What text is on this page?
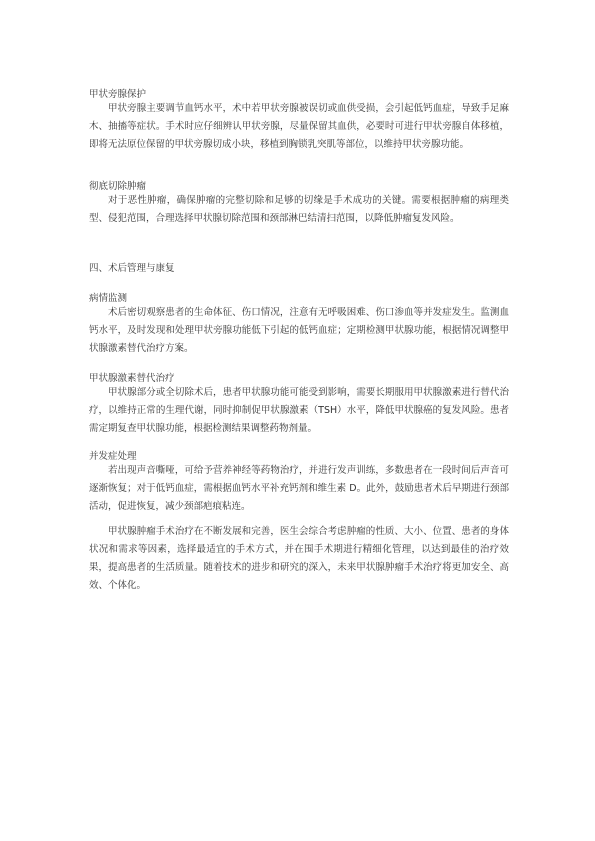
甲状旁腺保护

甲状旁腺主要调节血钙水平，术中若甲状旁腺被误切或血供受损，会引起低钙血症，导致手足麻木、抽搐等症状。手术时应仔细辨认甲状旁腺，尽量保留其血供，必要时可进行甲状旁腺自体移植，即将无法原位保留的甲状旁腺切成小块，移植到胸锁乳突肌等部位，以维持甲状旁腺功能。

彻底切除肿瘤

对于恶性肿瘤，确保肿瘤的完整切除和足够的切缘是手术成功的关键。需要根据肿瘤的病理类型、侵犯范围，合理选择甲状腺切除范围和颈部淋巴结清扫范围，以降低肿瘤复发风险。

四、术后管理与康复
病情监测

术后密切观察患者的生命体征、伤口情况，注意有无呼吸困难、伤口渗血等并发症发生。监测血钙水平，及时发现和处理甲状旁腺功能低下引起的低钙血症；定期检测甲状腺功能，根据情况调整甲状腺激素替代治疗方案。

甲状腺激素替代治疗

甲状腺部分或全切除术后，患者甲状腺功能可能受到影响，需要长期服用甲状腺激素进行替代治疗，以维持正常的生理代谢，同时抑制促甲状腺激素（TSH）水平，降低甲状腺癌的复发风险。患者需定期复查甲状腺功能，根据检测结果调整药物剂量。

并发症处理

若出现声音嘶哑，可给予营养神经等药物治疗，并进行发声训练，多数患者在一段时间后声音可逐渐恢复；对于低钙血症，需根据血钙水平补充钙剂和维生素 D。此外，鼓励患者术后早期进行颈部活动，促进恢复，减少颈部疤痕粘连。

甲状腺肿瘤手术治疗在不断发展和完善，医生会综合考虑肿瘤的性质、大小、位置、患者的身体状况和需求等因素，选择最适宜的手术方式，并在围手术期进行精细化管理，以达到最佳的治疗效果，提高患者的生活质量。随着技术的进步和研究的深入，未来甲状腺肿瘤手术治疗将更加安全、高效、个体化。
